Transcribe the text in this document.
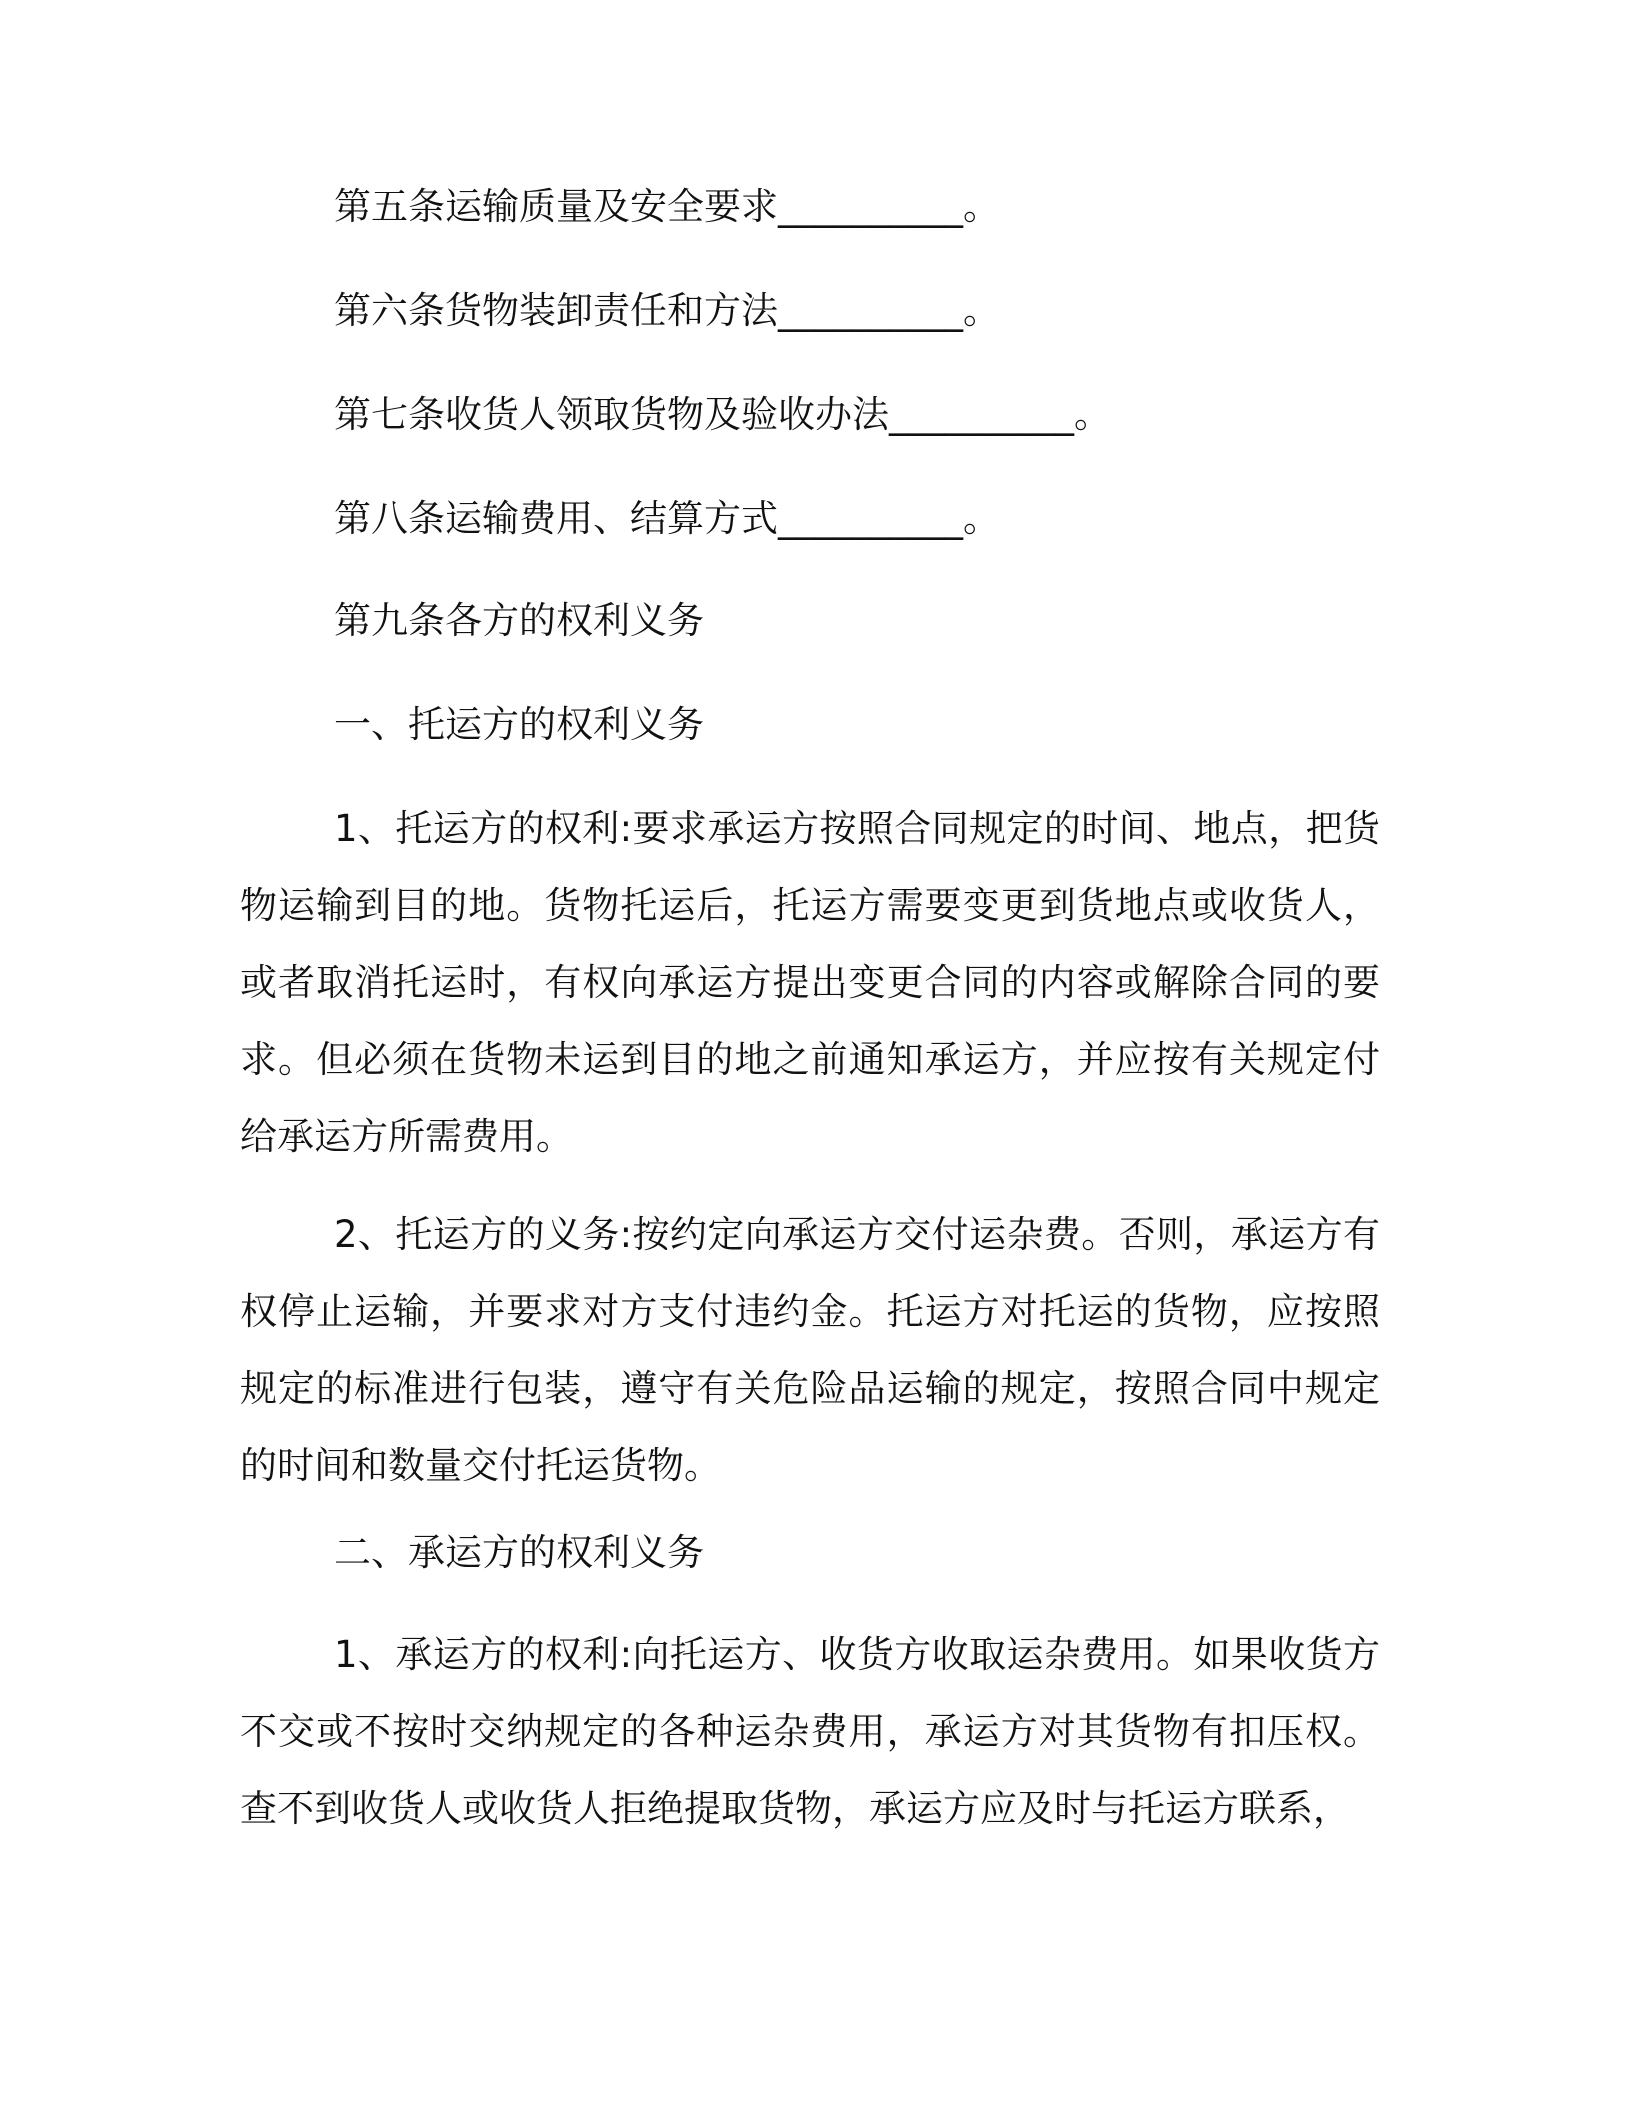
第五条运输质量及安全要求__________。
第六条货物装卸责任和方法__________。
第七条收货人领取货物及验收办法__________。
第八条运输费用、结算方式__________。
第九条各方的权利义务
一、托运方的权利义务
1、托运方的权利:要求承运方按照合同规定的时间、地点，把货物运输到目的地。货物托运后，托运方需要变更到货地点或收货人，或者取消托运时，有权向承运方提出变更合同的内容或解除合同的要求。但必须在货物未运到目的地之前通知承运方，并应按有关规定付给承运方所需费用。
2、托运方的义务:按约定向承运方交付运杂费。否则，承运方有权停止运输，并要求对方支付违约金。托运方对托运的货物，应按照规定的标准进行包装，遵守有关危险品运输的规定，按照合同中规定的时间和数量交付托运货物。
二、承运方的权利义务
1、承运方的权利:向托运方、收货方收取运杂费用。如果收货方不交或不按时交纳规定的各种运杂费用，承运方对其货物有扣压权。查不到收货人或收货人拒绝提取货物，承运方应及时与托运方联系，
